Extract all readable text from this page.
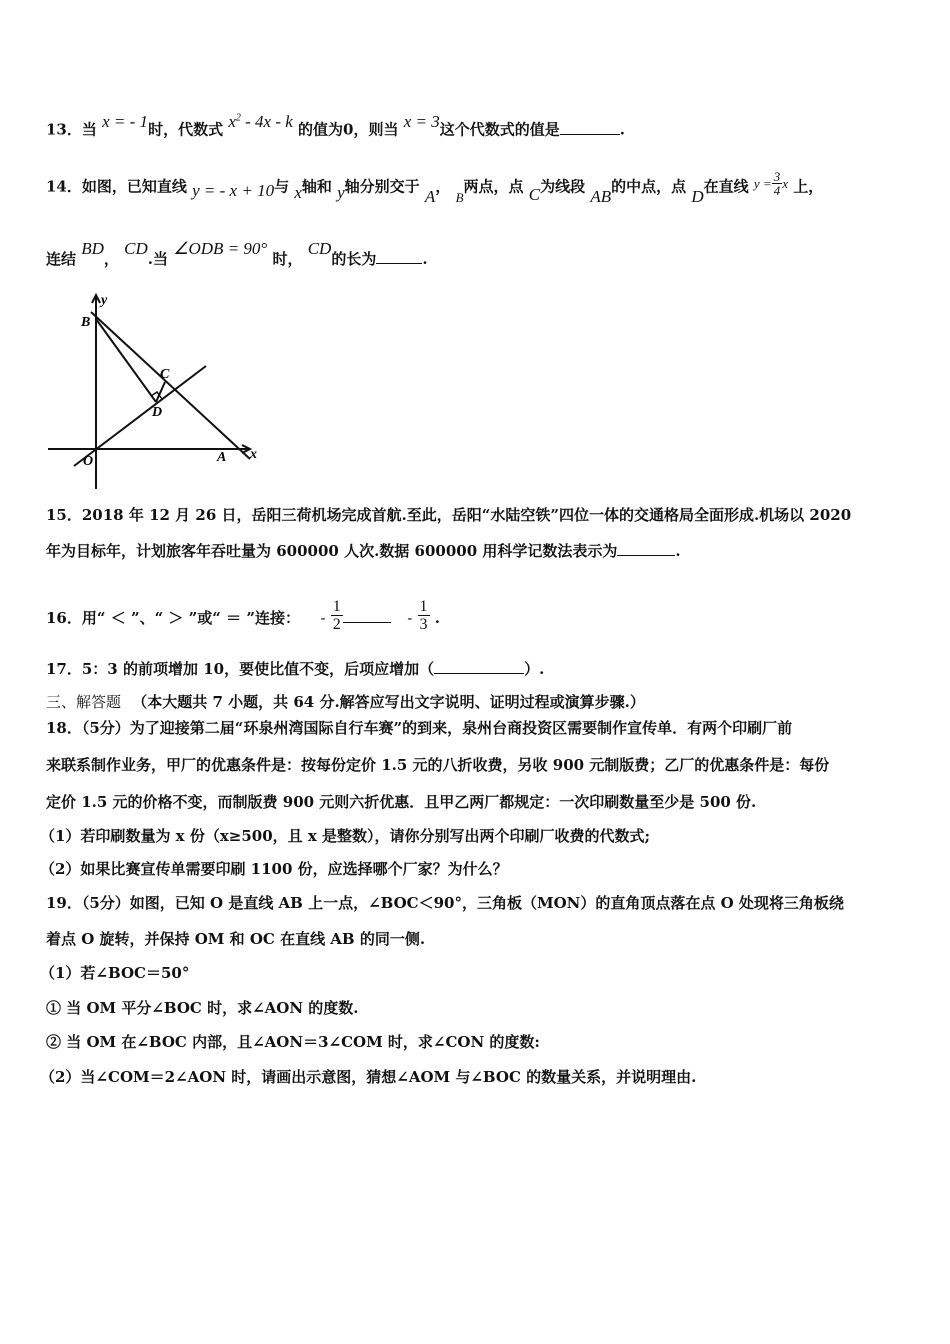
13．当 x = - 1时，代数式 $x^2 - 4x$ - k 的值为0，则当 x = 3这个代数式的值是	.
14．如图，已知直线 y = - x + 10与 x轴和 y轴分别交于 A， B两点，点 C为线段 AB的中点，点 D在直线 $y = \frac{3}{4}$ x 上，
连结 BD， CD.当 ∠ODB = 90° 时， CD的长为	.
y
x
B
C
D
O	A
15．2018 年 12 月 26 日，岳阳三荷机场完成首航.至此，岳阳“水陆空铁”四位一体的交通格局全面形成.机场以 2020
年为目标年，计划旅客年吞吐量为 600000 人次.数据 600000 用科学记数法表示为	.
16．用“ ＜ ”、“ ＞ ”或“ ＝ ”连接： - $\frac{1}{2}$	- $\frac{1}{3}$ .
17．5：3 的前项增加 10，要使比值不变，后项应增加（	）.
三、解答题 （本大题共 7 小题，共 64 分.解答应写出文字说明、证明过程或演算步骤.）
18．（5分）为了迎接第二届“环泉州湾国际自行车赛”的到来，泉州台商投资区需要制作宣传单．有两个印刷厂前
来联系制作业务，甲厂的优惠条件是：按每份定价 1.5 元的八折收费，另收 900 元制版费；乙厂的优惠条件是：每份
定价 1.5 元的价格不变，而制版费 900 元则六折优惠．且甲乙两厂都规定：一次印刷数量至少是 500 份.
（1）若印刷数量为 x 份（x≥500，且 x 是整数），请你分别写出两个印刷厂收费的代数式;
（2）如果比赛宣传单需要印刷 1100 份，应选择哪个厂家？为什么？
19．（5分）如图，已知 O 是直线 AB 上一点，∠BOC＜90°，三角板（MON）的直角顶点落在点 O 处现将三角板绕
着点 O 旋转，并保持 OM 和 OC 在直线 AB 的同一侧.
（1）若∠BOC＝50°
① 当 OM 平分∠BOC 时，求∠AON 的度数.
② 当 OM 在∠BOC 内部，且∠AON＝3∠COM 时，求∠CON 的度数:
（2）当∠COM＝2∠AON 时，请画出示意图，猜想∠AOM 与∠BOC 的数量关系，并说明理由.
